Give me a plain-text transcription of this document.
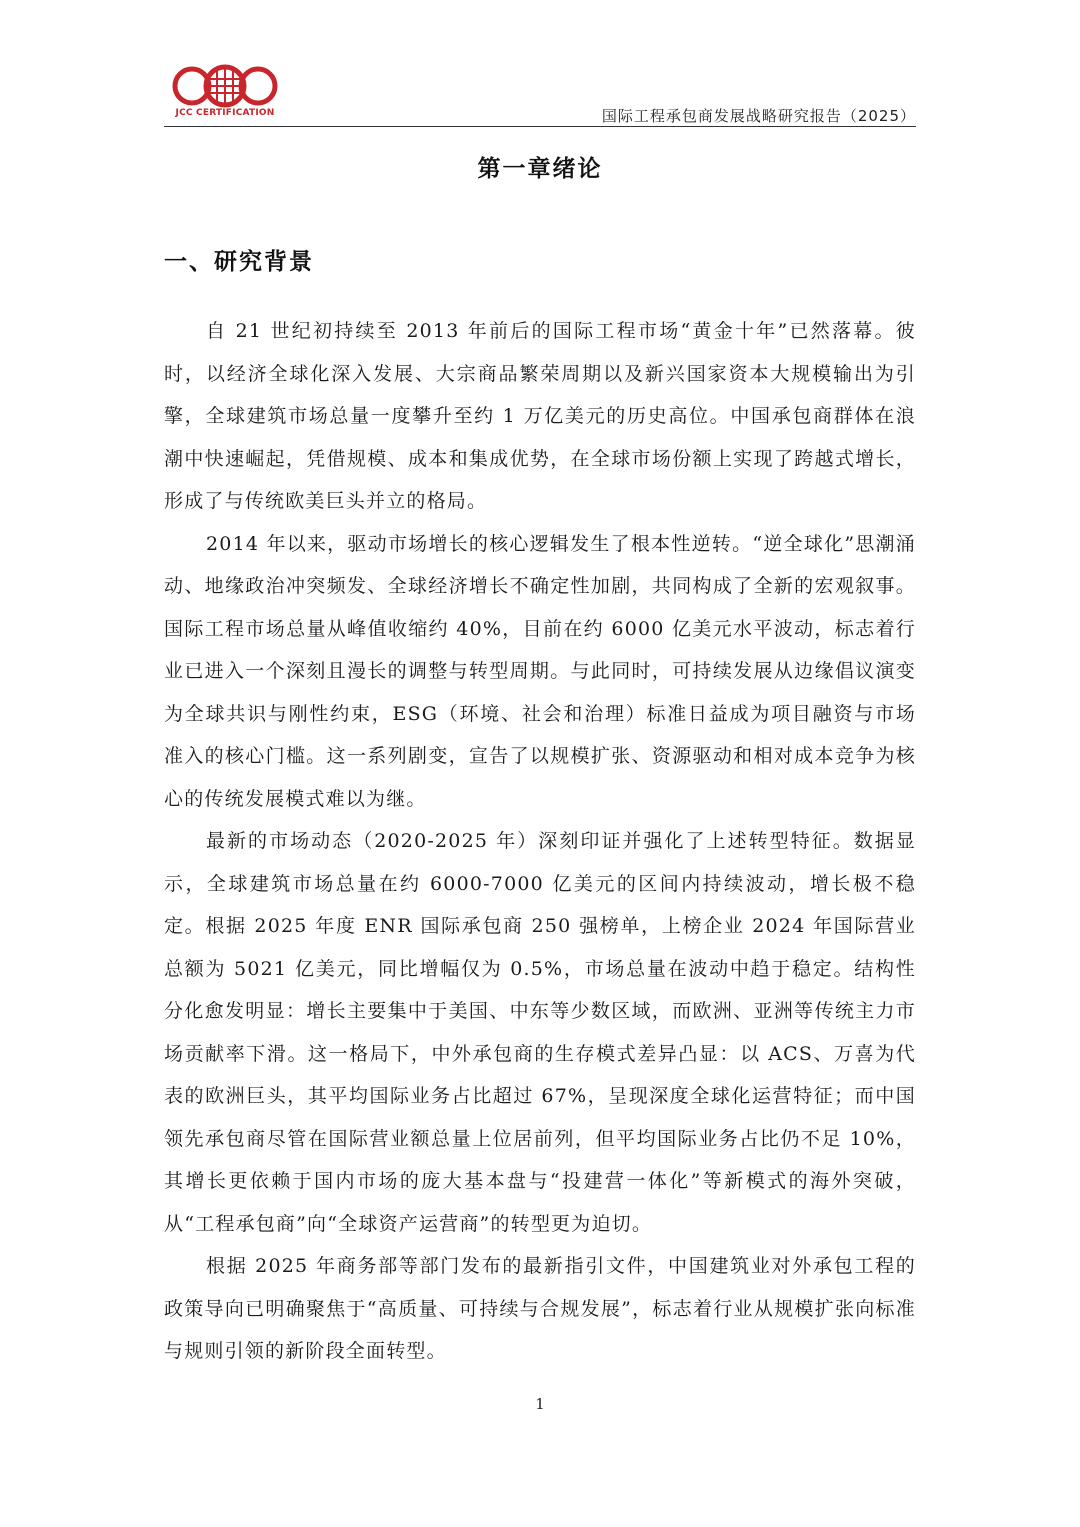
JCC CERTIFICATION	国际工程承包商发展战略研究报告（2025）
第一章绪论
一、研究背景

自 21 世纪初持续至 2013 年前后的国际工程市场“黄金十年”已然落幕。彼时，以经济全球化深入发展、大宗商品繁荣周期以及新兴国家资本大规模输出为引擎，全球建筑市场总量一度攀升至约 1 万亿美元的历史高位。中国承包商群体在浪潮中快速崛起，凭借规模、成本和集成优势，在全球市场份额上实现了跨越式增长，形成了与传统欧美巨头并立的格局。

2014 年以来，驱动市场增长的核心逻辑发生了根本性逆转。“逆全球化”思潮涌动、地缘政治冲突频发、全球经济增长不确定性加剧，共同构成了全新的宏观叙事。国际工程市场总量从峰值收缩约 40%，目前在约 6000 亿美元水平波动，标志着行业已进入一个深刻且漫长的调整与转型周期。与此同时，可持续发展从边缘倡议演变为全球共识与刚性约束，ESG（环境、社会和治理）标准日益成为项目融资与市场准入的核心门槛。这一系列剧变，宣告了以规模扩张、资源驱动和相对成本竞争为核心的传统发展模式难以为继。

最新的市场动态（2020-2025 年）深刻印证并强化了上述转型特征。数据显示，全球建筑市场总量在约 6000-7000 亿美元的区间内持续波动，增长极不稳定。根据 2025 年度 ENR 国际承包商 250 强榜单，上榜企业 2024 年国际营业总额为 5021 亿美元，同比增幅仅为 0.5%，市场总量在波动中趋于稳定。结构性分化愈发明显：增长主要集中于美国、中东等少数区域，而欧洲、亚洲等传统主力市场贡献率下滑。这一格局下，中外承包商的生存模式差异凸显：以 ACS、万喜为代表的欧洲巨头，其平均国际业务占比超过 67%，呈现深度全球化运营特征；而中国领先承包商尽管在国际营业额总量上位居前列，但平均国际业务占比仍不足 10%，其增长更依赖于国内市场的庞大基本盘与“投建营一体化”等新模式的海外突破，从“工程承包商”向“全球资产运营商”的转型更为迫切。

根据 2025 年商务部等部门发布的最新指引文件，中国建筑业对外承包工程的政策导向已明确聚焦于“高质量、可持续与合规发展”，标志着行业从规模扩张向标准与规则引领的新阶段全面转型。

1
